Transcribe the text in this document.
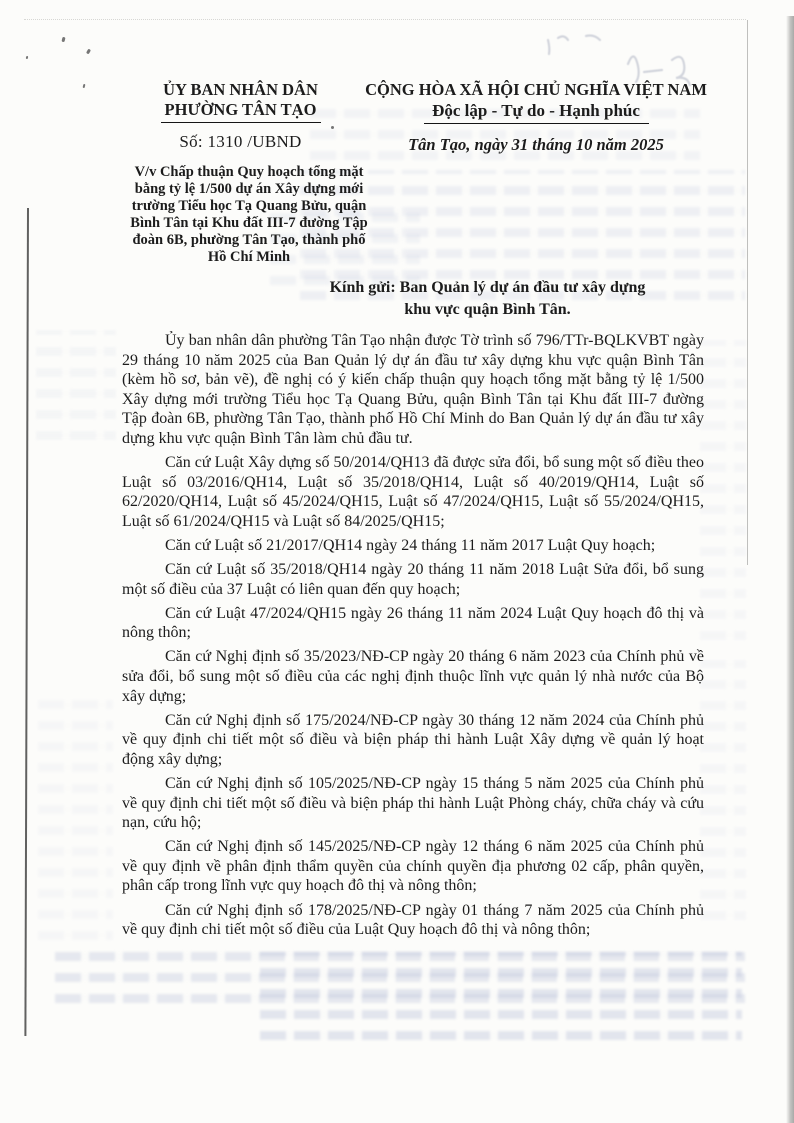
ỦY BAN NHÂN DÂN
PHƯỜNG TÂN TẠO
Số: 1310 /UBND
CỘNG HÒA XÃ HỘI CHỦ NGHĨA VIỆT NAM
Độc lập - Tự do - Hạnh phúc
Tân Tạo, ngày 31 tháng 10 năm 2025
V/v Chấp thuận Quy hoạch tổng mặt bằng tỷ lệ 1/500 dự án Xây dựng mới trường Tiểu học Tạ Quang Bửu, quận Bình Tân tại Khu đất III-7 đường Tập đoàn 6B, phường Tân Tạo, thành phố Hồ Chí Minh
Kính gửi: Ban Quản lý dự án đầu tư xây dựng
khu vực quận Bình Tân.

Ủy ban nhân dân phường Tân Tạo nhận được Tờ trình số 796/TTr-BQLKVBT ngày 29 tháng 10 năm 2025 của Ban Quản lý dự án đầu tư xây dựng khu vực quận Bình Tân (kèm hồ sơ, bản vẽ), đề nghị có ý kiến chấp thuận quy hoạch tổng mặt bằng tỷ lệ 1/500 Xây dựng mới trường Tiểu học Tạ Quang Bửu, quận Bình Tân tại Khu đất III-7 đường Tập đoàn 6B, phường Tân Tạo, thành phố Hồ Chí Minh do Ban Quản lý dự án đầu tư xây dựng khu vực quận Bình Tân làm chủ đầu tư.

Căn cứ Luật Xây dựng số 50/2014/QH13 đã được sửa đổi, bổ sung một số điều theo Luật số 03/2016/QH14, Luật số 35/2018/QH14, Luật số 40/2019/QH14, Luật số 62/2020/QH14, Luật số 45/2024/QH15, Luật số 47/2024/QH15, Luật số 55/2024/QH15, Luật số 61/2024/QH15 và Luật số 84/2025/QH15;

Căn cứ Luật số 21/2017/QH14 ngày 24 tháng 11 năm 2017 Luật Quy hoạch;

Căn cứ Luật số 35/2018/QH14 ngày 20 tháng 11 năm 2018 Luật Sửa đổi, bổ sung một số điều của 37 Luật có liên quan đến quy hoạch;

Căn cứ Luật 47/2024/QH15 ngày 26 tháng 11 năm 2024 Luật Quy hoạch đô thị và nông thôn;

Căn cứ Nghị định số 35/2023/NĐ-CP ngày 20 tháng 6 năm 2023 của Chính phủ về sửa đổi, bổ sung một số điều của các nghị định thuộc lĩnh vực quản lý nhà nước của Bộ xây dựng;

Căn cứ Nghị định số 175/2024/NĐ-CP ngày 30 tháng 12 năm 2024 của Chính phủ về quy định chi tiết một số điều và biện pháp thi hành Luật Xây dựng về quản lý hoạt động xây dựng;

Căn cứ Nghị định số 105/2025/NĐ-CP ngày 15 tháng 5 năm 2025 của Chính phủ về quy định chi tiết một số điều và biện pháp thi hành Luật Phòng cháy, chữa cháy và cứu nạn, cứu hộ;

Căn cứ Nghị định số 145/2025/NĐ-CP ngày 12 tháng 6 năm 2025 của Chính phủ về quy định về phân định thẩm quyền của chính quyền địa phương 02 cấp, phân quyền, phân cấp trong lĩnh vực quy hoạch đô thị và nông thôn;

Căn cứ Nghị định số 178/2025/NĐ-CP ngày 01 tháng 7 năm 2025 của Chính phủ về quy định chi tiết một số điều của Luật Quy hoạch đô thị và nông thôn;
